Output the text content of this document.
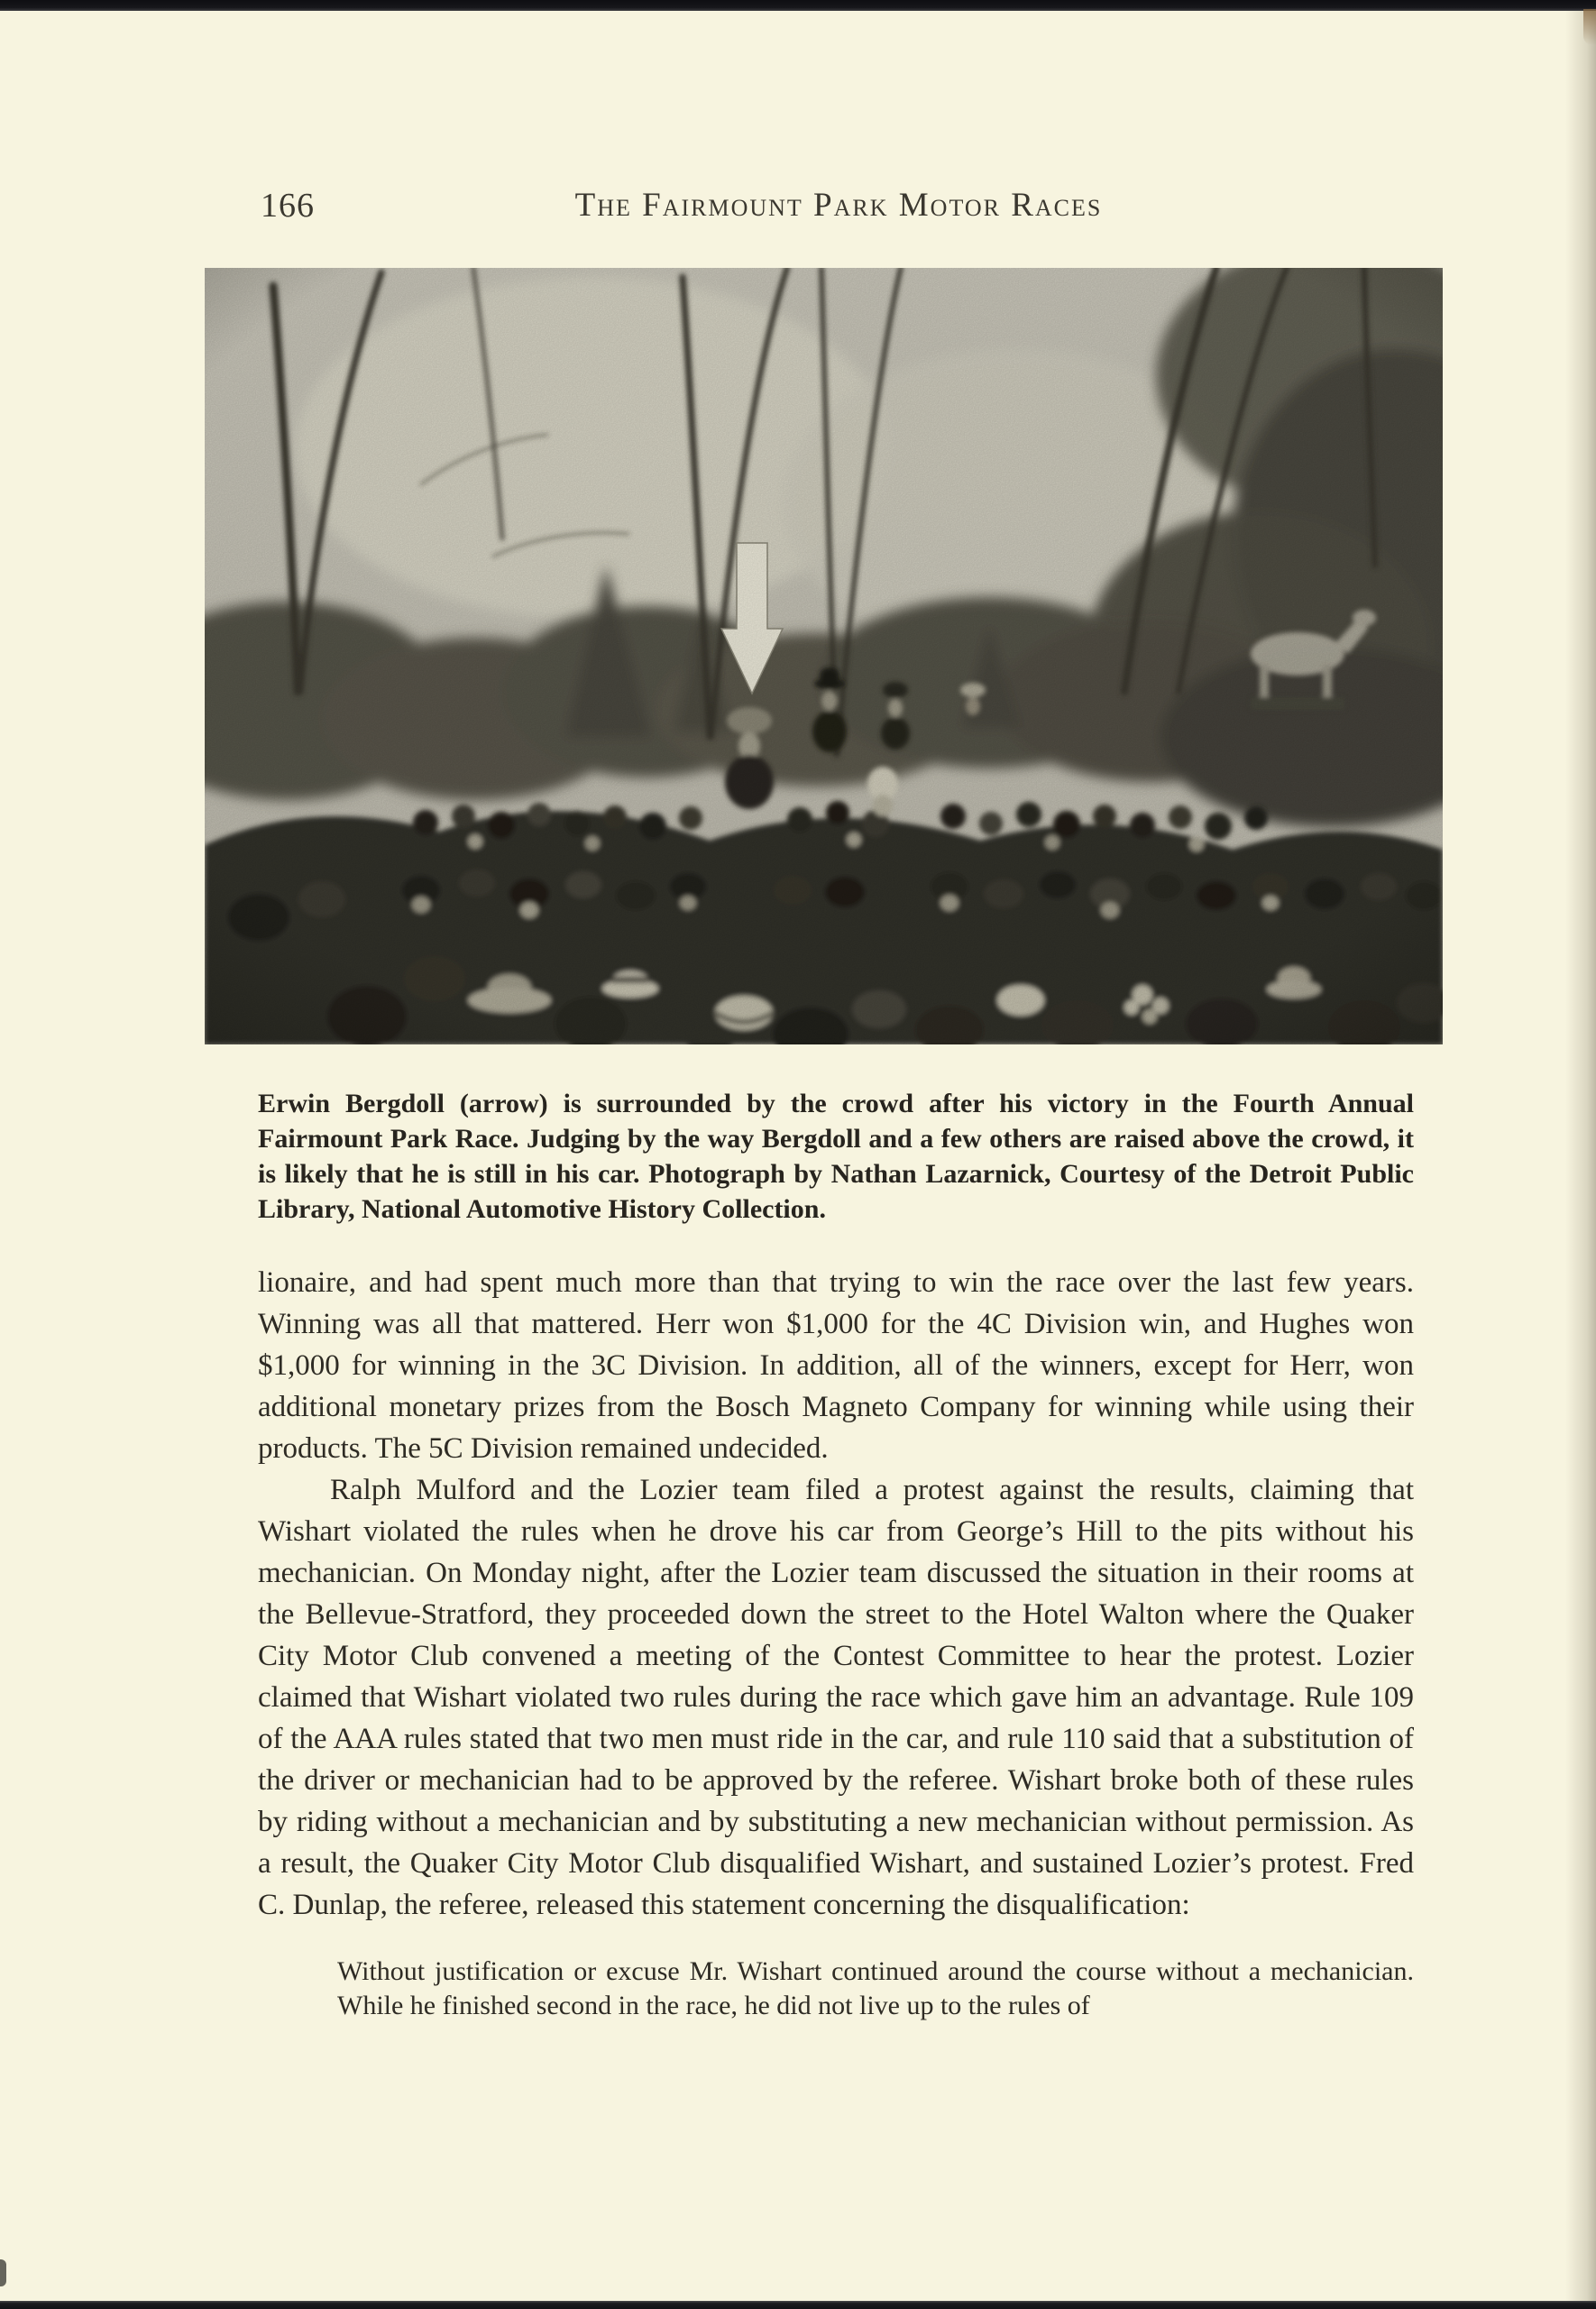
166	The Fairmount Park Motor Races

Erwin Bergdoll (arrow) is surrounded by the crowd after his victory in the Fourth Annual Fairmount Park Race. Judging by the way Bergdoll and a few others are raised above the crowd, it is likely that he is still in his car. Photograph by Nathan Lazarnick, Courtesy of the Detroit Public Library, National Automotive History Collection.

lionaire, and had spent much more than that trying to win the race over the last few years. Winning was all that mattered. Herr won $1,000 for the 4C Division win, and Hughes won $1,000 for winning in the 3C Division. In addition, all of the winners, except for Herr, won additional monetary prizes from the Bosch Magneto Company for winning while using their products. The 5C Division remained undecided.

Ralph Mulford and the Lozier team filed a protest against the results, claiming that Wishart violated the rules when he drove his car from George’s Hill to the pits without his mechanician. On Monday night, after the Lozier team discussed the situation in their rooms at the Bellevue-Stratford, they proceeded down the street to the Hotel Walton where the Quaker City Motor Club convened a meeting of the Contest Committee to hear the protest. Lozier claimed that Wishart violated two rules during the race which gave him an advantage. Rule 109 of the AAA rules stated that two men must ride in the car, and rule 110 said that a substitution of the driver or mechanician had to be approved by the referee. Wishart broke both of these rules by riding without a mechanician and by substituting a new mechanician without permission. As a result, the Quaker City Motor Club disqualified Wishart, and sustained Lozier’s protest. Fred C. Dunlap, the referee, released this statement concerning the disqualification:

Without justification or excuse Mr. Wishart continued around the course without a mechanician. While he finished second in the race, he did not live up to the rules of
